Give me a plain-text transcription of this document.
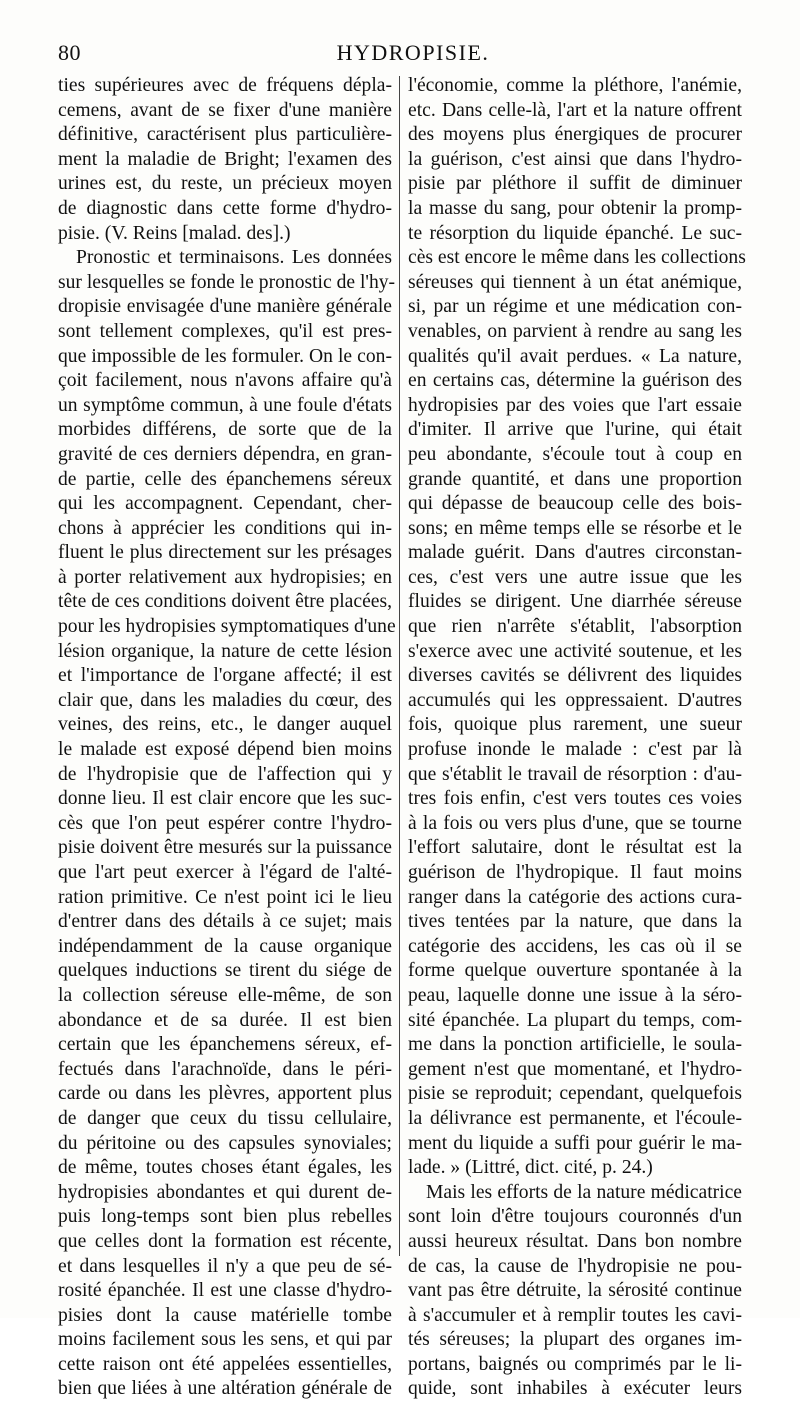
80	HYDROPISIE.
ties supérieures avec de fréquens dépla-
cemens, avant de se fixer d'une manière
définitive, caractérisent plus particulière-
ment la maladie de Bright; l'examen des
urines est, du reste, un précieux moyen
de diagnostic dans cette forme d'hydro-
pisie. (V. Reins [malad. des].)
Pronostic et terminaisons. Les données
sur lesquelles se fonde le pronostic de l'hy-
dropisie envisagée d'une manière générale
sont tellement complexes, qu'il est pres-
que impossible de les formuler. On le con-
çoit facilement, nous n'avons affaire qu'à
un symptôme commun, à une foule d'états
morbides différens, de sorte que de la
gravité de ces derniers dépendra, en gran-
de partie, celle des épanchemens séreux
qui les accompagnent. Cependant, cher-
chons à apprécier les conditions qui in-
fluent le plus directement sur les présages
à porter relativement aux hydropisies; en
tête de ces conditions doivent être placées,
pour les hydropisies symptomatiques d'une
lésion organique, la nature de cette lésion
et l'importance de l'organe affecté; il est
clair que, dans les maladies du cœur, des
veines, des reins, etc., le danger auquel
le malade est exposé dépend bien moins
de l'hydropisie que de l'affection qui y
donne lieu. Il est clair encore que les suc-
cès que l'on peut espérer contre l'hydro-
pisie doivent être mesurés sur la puissance
que l'art peut exercer à l'égard de l'alté-
ration primitive. Ce n'est point ici le lieu
d'entrer dans des détails à ce sujet; mais
indépendamment de la cause organique
quelques inductions se tirent du siége de
la collection séreuse elle-même, de son
abondance et de sa durée. Il est bien
certain que les épanchemens séreux, ef-
fectués dans l'arachnoïde, dans le péri-
carde ou dans les plèvres, apportent plus
de danger que ceux du tissu cellulaire,
du péritoine ou des capsules synoviales;
de même, toutes choses étant égales, les
hydropisies abondantes et qui durent de-
puis long-temps sont bien plus rebelles
que celles dont la formation est récente,
et dans lesquelles il n'y a que peu de sé-
rosité épanchée. Il est une classe d'hydro-
pisies dont la cause matérielle tombe
moins facilement sous les sens, et qui par
cette raison ont été appelées essentielles,
bien que liées à une altération générale de
l'économie, comme la pléthore, l'anémie,
etc. Dans celle-là, l'art et la nature offrent
des moyens plus énergiques de procurer
la guérison, c'est ainsi que dans l'hydro-
pisie par pléthore il suffit de diminuer
la masse du sang, pour obtenir la promp-
te résorption du liquide épanché. Le suc-
cès est encore le même dans les collections
séreuses qui tiennent à un état anémique,
si, par un régime et une médication con-
venables, on parvient à rendre au sang les
qualités qu'il avait perdues. « La nature,
en certains cas, détermine la guérison des
hydropisies par des voies que l'art essaie
d'imiter. Il arrive que l'urine, qui était
peu abondante, s'écoule tout à coup en
grande quantité, et dans une proportion
qui dépasse de beaucoup celle des bois-
sons; en même temps elle se résorbe et le
malade guérit. Dans d'autres circonstan-
ces, c'est vers une autre issue que les
fluides se dirigent. Une diarrhée séreuse
que rien n'arrête s'établit, l'absorption
s'exerce avec une activité soutenue, et les
diverses cavités se délivrent des liquides
accumulés qui les oppressaient. D'autres
fois, quoique plus rarement, une sueur
profuse inonde le malade : c'est par là
que s'établit le travail de résorption : d'au-
tres fois enfin, c'est vers toutes ces voies
à la fois ou vers plus d'une, que se tourne
l'effort salutaire, dont le résultat est la
guérison de l'hydropique. Il faut moins
ranger dans la catégorie des actions cura-
tives tentées par la nature, que dans la
catégorie des accidens, les cas où il se
forme quelque ouverture spontanée à la
peau, laquelle donne une issue à la séro-
sité épanchée. La plupart du temps, com-
me dans la ponction artificielle, le soula-
gement n'est que momentané, et l'hydro-
pisie se reproduit; cependant, quelquefois
la délivrance est permanente, et l'écoule-
ment du liquide a suffi pour guérir le ma-
lade. » (Littré, dict. cité, p. 24.)
Mais les efforts de la nature médicatrice
sont loin d'être toujours couronnés d'un
aussi heureux résultat. Dans bon nombre
de cas, la cause de l'hydropisie ne pou-
vant pas être détruite, la sérosité continue
à s'accumuler et à remplir toutes les cavi-
tés séreuses; la plupart des organes im-
portans, baignés ou comprimés par le li-
quide, sont inhabiles à exécuter leurs
